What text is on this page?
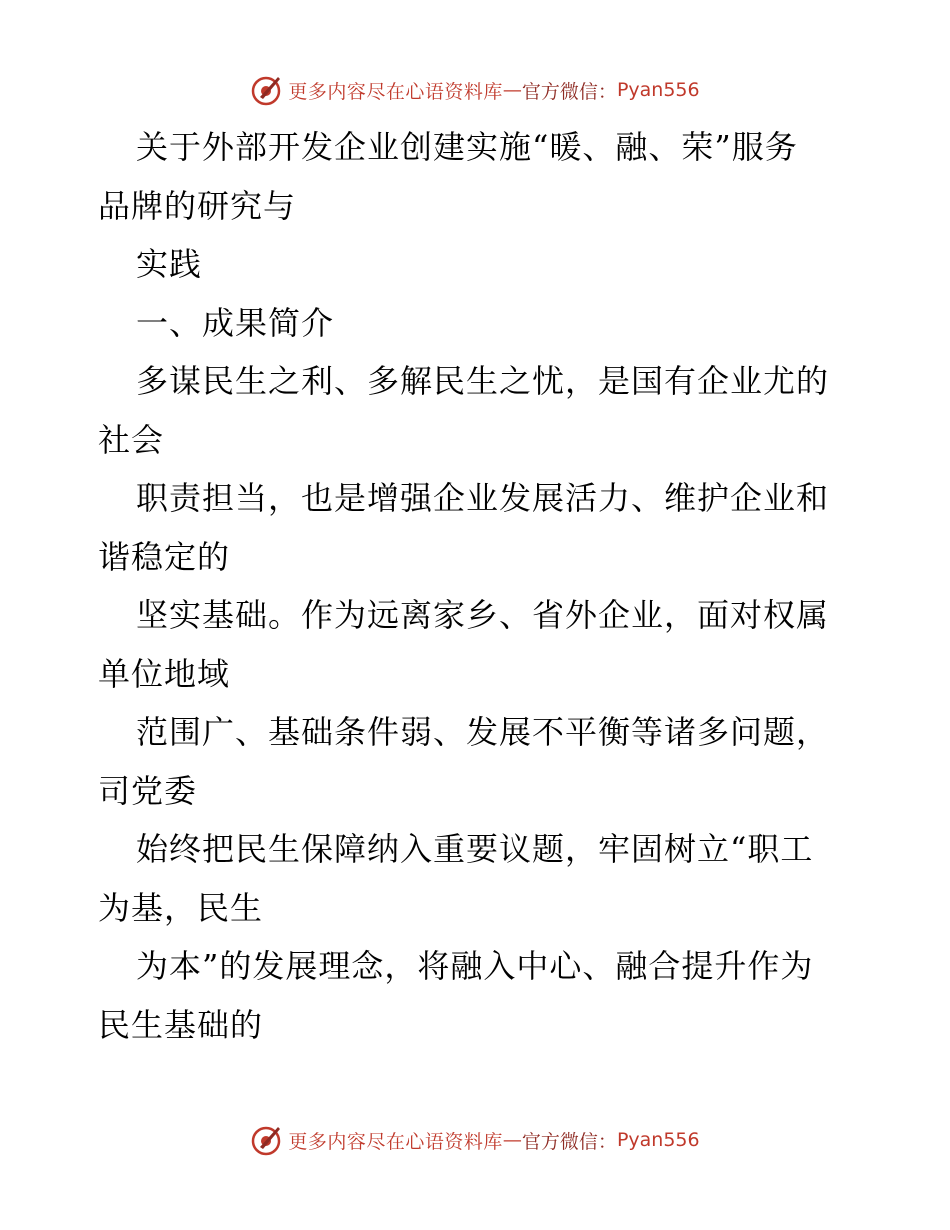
更多内容尽在心语资料库 — 官方微信： Pyan556
关于外部开发企业创建实施“暖、融、荣”服务
品牌的研究与
实践
一、成果简介
多谋民生之利、多解民生之忧，是国有企业尤的
社会
职责担当，也是增强企业发展活力、维护企业和
谐稳定的
坚实基础。作为远离家乡、省外企业，面对权属
单位地域
范围广、基础条件弱、发展不平衡等诸多问题，
司党委
始终把民生保障纳入重要议题，牢固树立“职工
为基，民生
为本”的发展理念，将融入中心、融合提升作为
民生基础的
更多内容尽在心语资料库 — 官方微信： Pyan556
